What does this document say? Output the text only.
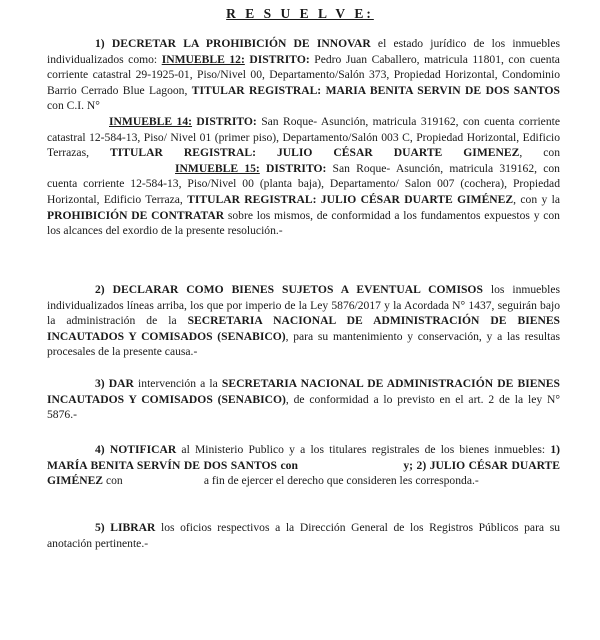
R E S U E L V E:
1) DECRETAR LA PROHIBICIÓN DE INNOVAR el estado jurídico de los inmuebles individualizados como: INMUEBLE 12: DISTRITO: Pedro Juan Caballero, matricula 11801, con cuenta corriente catastral 29-1925-01, Piso/Nivel 00, Departamento/Salón 373, Propiedad Horizontal, Condominio Barrio Cerrado Blue Lagoon, TITULAR REGISTRAL: MARIA BENITA SERVIN DE DOS SANTOS con C.I. N°
INMUEBLE 14: DISTRITO: San Roque- Asunción, matricula 319162, con cuenta corriente catastral 12-584-13, Piso/ Nivel 01 (primer piso), Departamento/Salón 003 C, Propiedad Horizontal, Edificio Terrazas, TITULAR REGISTRAL: JULIO CÉSAR DUARTE GIMENEZ, con INMUEBLE 15: DISTRITO: San Roque- Asunción, matricula 319162, con cuenta corriente 12-584-13, Piso/Nivel 00 (planta baja), Departamento/ Salon 007 (cochera), Propiedad Horizontal, Edificio Terraza, TITULAR REGISTRAL: JULIO CÉSAR DUARTE GIMÉNEZ, con y la PROHIBICIÓN DE CONTRATAR sobre los mismos, de conformidad a los fundamentos expuestos y con los alcances del exordio de la presente resolución.-
2) DECLARAR COMO BIENES SUJETOS A EVENTUAL COMISOS los inmuebles individualizados líneas arriba, los que por imperio de la Ley 5876/2017 y la Acordada N° 1437, seguirán bajo la administración de la SECRETARIA NACIONAL DE ADMINISTRACIÓN DE BIENES INCAUTADOS Y COMISADOS (SENABICO), para su mantenimiento y conservación, y a las resultas procesales de la presente causa.-
3) DAR intervención a la SECRETARIA NACIONAL DE ADMINISTRACIÓN DE BIENES INCAUTADOS Y COMISADOS (SENABICO), de conformidad a lo previsto en el art. 2 de la ley N° 5876.-
4) NOTIFICAR al Ministerio Publico y a los titulares registrales de los bienes inmuebles: 1) MARÍA BENITA SERVÍN DE DOS SANTOS con	y; 2) JULIO CÉSAR DUARTE GIMÉNEZ con                            a fin de ejercer el derecho que consideren les corresponda.-
5) LIBRAR los oficios respectivos a la Dirección General de los Registros Públicos para su anotación pertinente.-
